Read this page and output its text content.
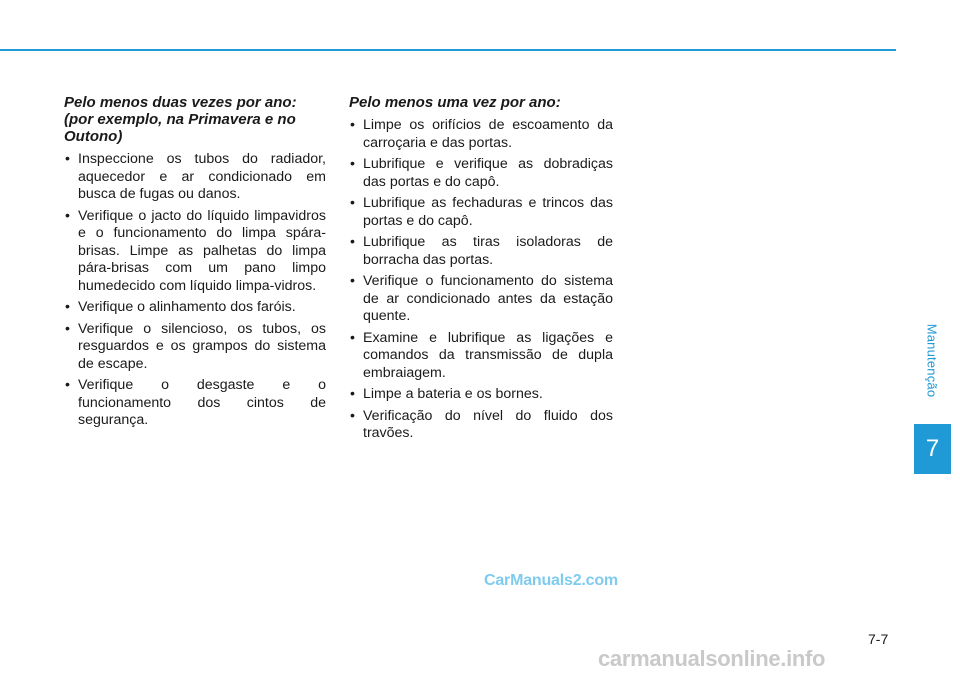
Pelo menos duas vezes por ano: (por exemplo, na Primavera e no Outono)
• Inspeccione os tubos do radiador, aquecedor e ar condicionado em busca de fugas ou danos.
• Verifique o jacto do líquido limpavidros e o funcionamento do limpa spára-brisas. Limpe as palhetas do limpa pára-brisas com um pano limpo humedecido com líquido limpa-vidros.
• Verifique o alinhamento dos faróis.
• Verifique o silencioso, os tubos, os resguardos e os grampos do sistema de escape.
• Verifique o desgaste e o funcionamento dos cintos de segurança.
Pelo menos uma vez por ano:
• Limpe os orifícios de escoamento da carroçaria e das portas.
• Lubrifique e verifique as dobradiças das portas e do capô.
• Lubrifique as fechaduras e trincos das portas e do capô.
• Lubrifique as tiras isoladoras de borracha das portas.
• Verifique o funcionamento do sistema de ar condicionado antes da estação quente.
• Examine e lubrifique as ligações e comandos da transmissão de dupla embraiagem.
• Limpe a bateria e os bornes.
• Verificação do nível do fluido dos travões.
Manutenção
7
CarManuals2.com
7-7
carmanualsonline.info
